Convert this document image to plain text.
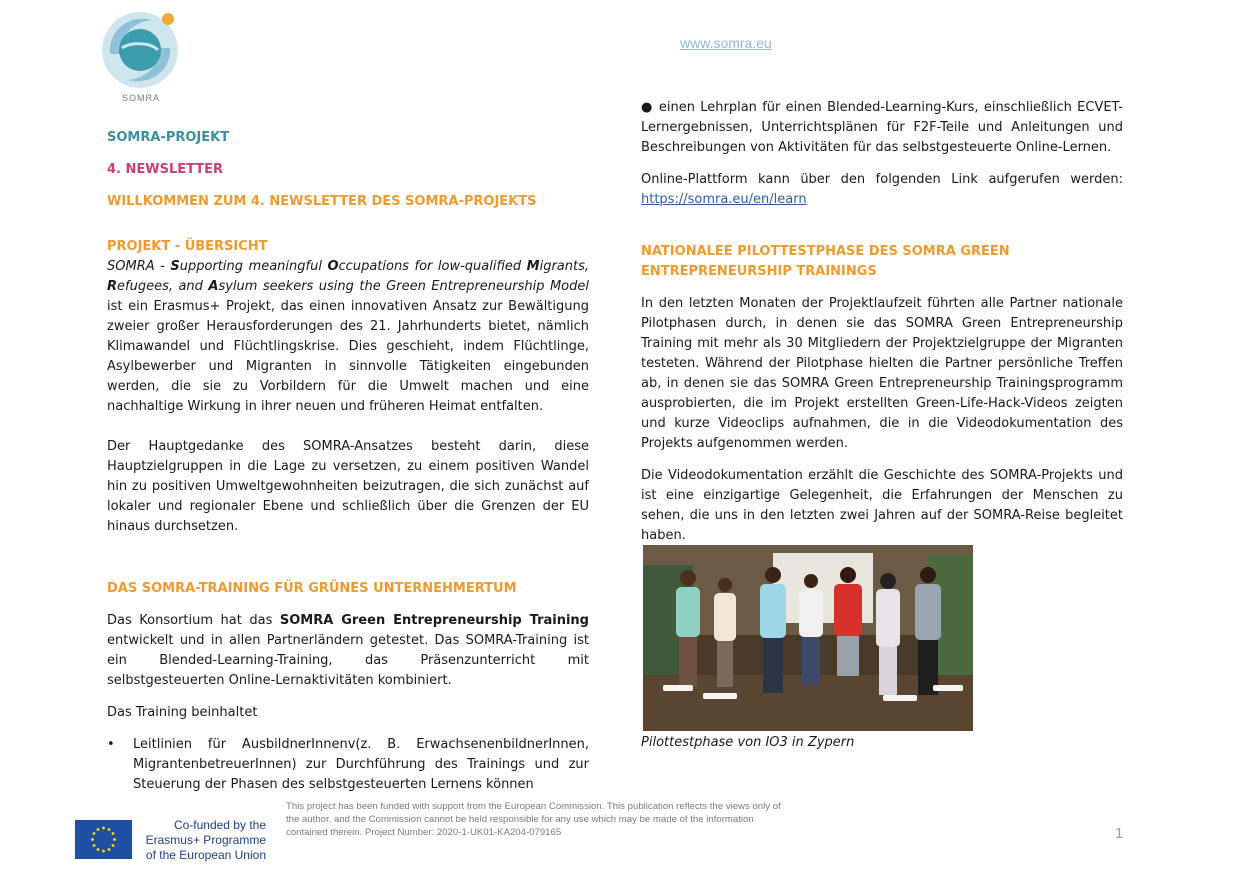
SOMRA
www.somra.eu
SOMRA-PROJEKT
4. NEWSLETTER
WILLKOMMEN ZUM 4. NEWSLETTER DES SOMRA-PROJEKTS
PROJEKT - ÜBERSICHT

SOMRA - Supporting meaningful Occupations for low-qualified Migrants, Refugees, and Asylum seekers using the Green Entrepreneurship Model ist ein Erasmus+ Projekt, das einen innovativen Ansatz zur Bewältigung zweier großer Herausforderungen des 21. Jahrhunderts bietet, nämlich Klimawandel und Flüchtlingskrise. Dies geschieht, indem Flüchtlinge, Asylbewerber und Migranten in sinnvolle Tätigkeiten eingebunden werden, die sie zu Vorbildern für die Umwelt machen und eine nachhaltige Wirkung in ihrer neuen und früheren Heimat entfalten.

Der Hauptgedanke des SOMRA-Ansatzes besteht darin, diese Hauptzielgruppen in die Lage zu versetzen, zu einem positiven Wandel hin zu positiven Umweltgewohnheiten beizutragen, die sich zunächst auf lokaler und regionaler Ebene und schließlich über die Grenzen der EU hinaus durchsetzen.

DAS SOMRA-TRAINING FÜR GRÜNES UNTERNEHMERTUM

Das Konsortium hat das SOMRA Green Entrepreneurship Training entwickelt und in allen Partnerländern getestet. Das SOMRA-Training ist ein Blended-Learning-Training, das Präsenzunterricht mit selbstgesteuerten Online-Lernaktivitäten kombiniert.

Das Training beinhaltet

•	Leitlinien für AusbildnerInnenv(z. B. ErwachsenenbildnerInnen, MigrantenbetreuerInnen) zur Durchführung des Trainings und zur Steuerung der Phasen des selbstgesteuerten Lernens können

● einen Lehrplan für einen Blended-Learning-Kurs, einschließlich ECVET-Lernergebnissen, Unterrichtsplänen für F2F-Teile und Anleitungen und Beschreibungen von Aktivitäten für das selbstgesteuerte Online-Lernen.

Online-Plattform kann über den folgenden Link aufgerufen werden:

https://somra.eu/en/learn
NATIONALEE PILOTTESTPHASE DES SOMRA GREEN ENTREPRENEURSHIP TRAININGS

In den letzten Monaten der Projektlaufzeit führten alle Partner nationale Pilotphasen durch, in denen sie das SOMRA Green Entrepreneurship Training mit mehr als 30 Mitgliedern der Projektzielgruppe der Migranten testeten. Während der Pilotphase hielten die Partner persönliche Treffen ab, in denen sie das SOMRA Green Entrepreneurship Trainingsprogramm ausprobierten, die im Projekt erstellten Green-Life-Hack-Videos zeigten und kurze Videoclips aufnahmen, die in die Videodokumentation des Projekts aufgenommen werden.

Die Videodokumentation erzählt die Geschichte des SOMRA-Projekts und ist eine einzigartige Gelegenheit, die Erfahrungen der Menschen zu sehen, die uns in den letzten zwei Jahren auf der SOMRA-Reise begleitet haben.

Pilottestphase von IO3 in Zypern
Co-funded by the Erasmus+ Programme of the European Union
This project has been funded with support from the European Commission. This publication reflects the views only of the author, and the Commission cannot be held responsible for any use which may be made of the information contained therein. Project Number: 2020-1-UK01-KA204-079165	1
